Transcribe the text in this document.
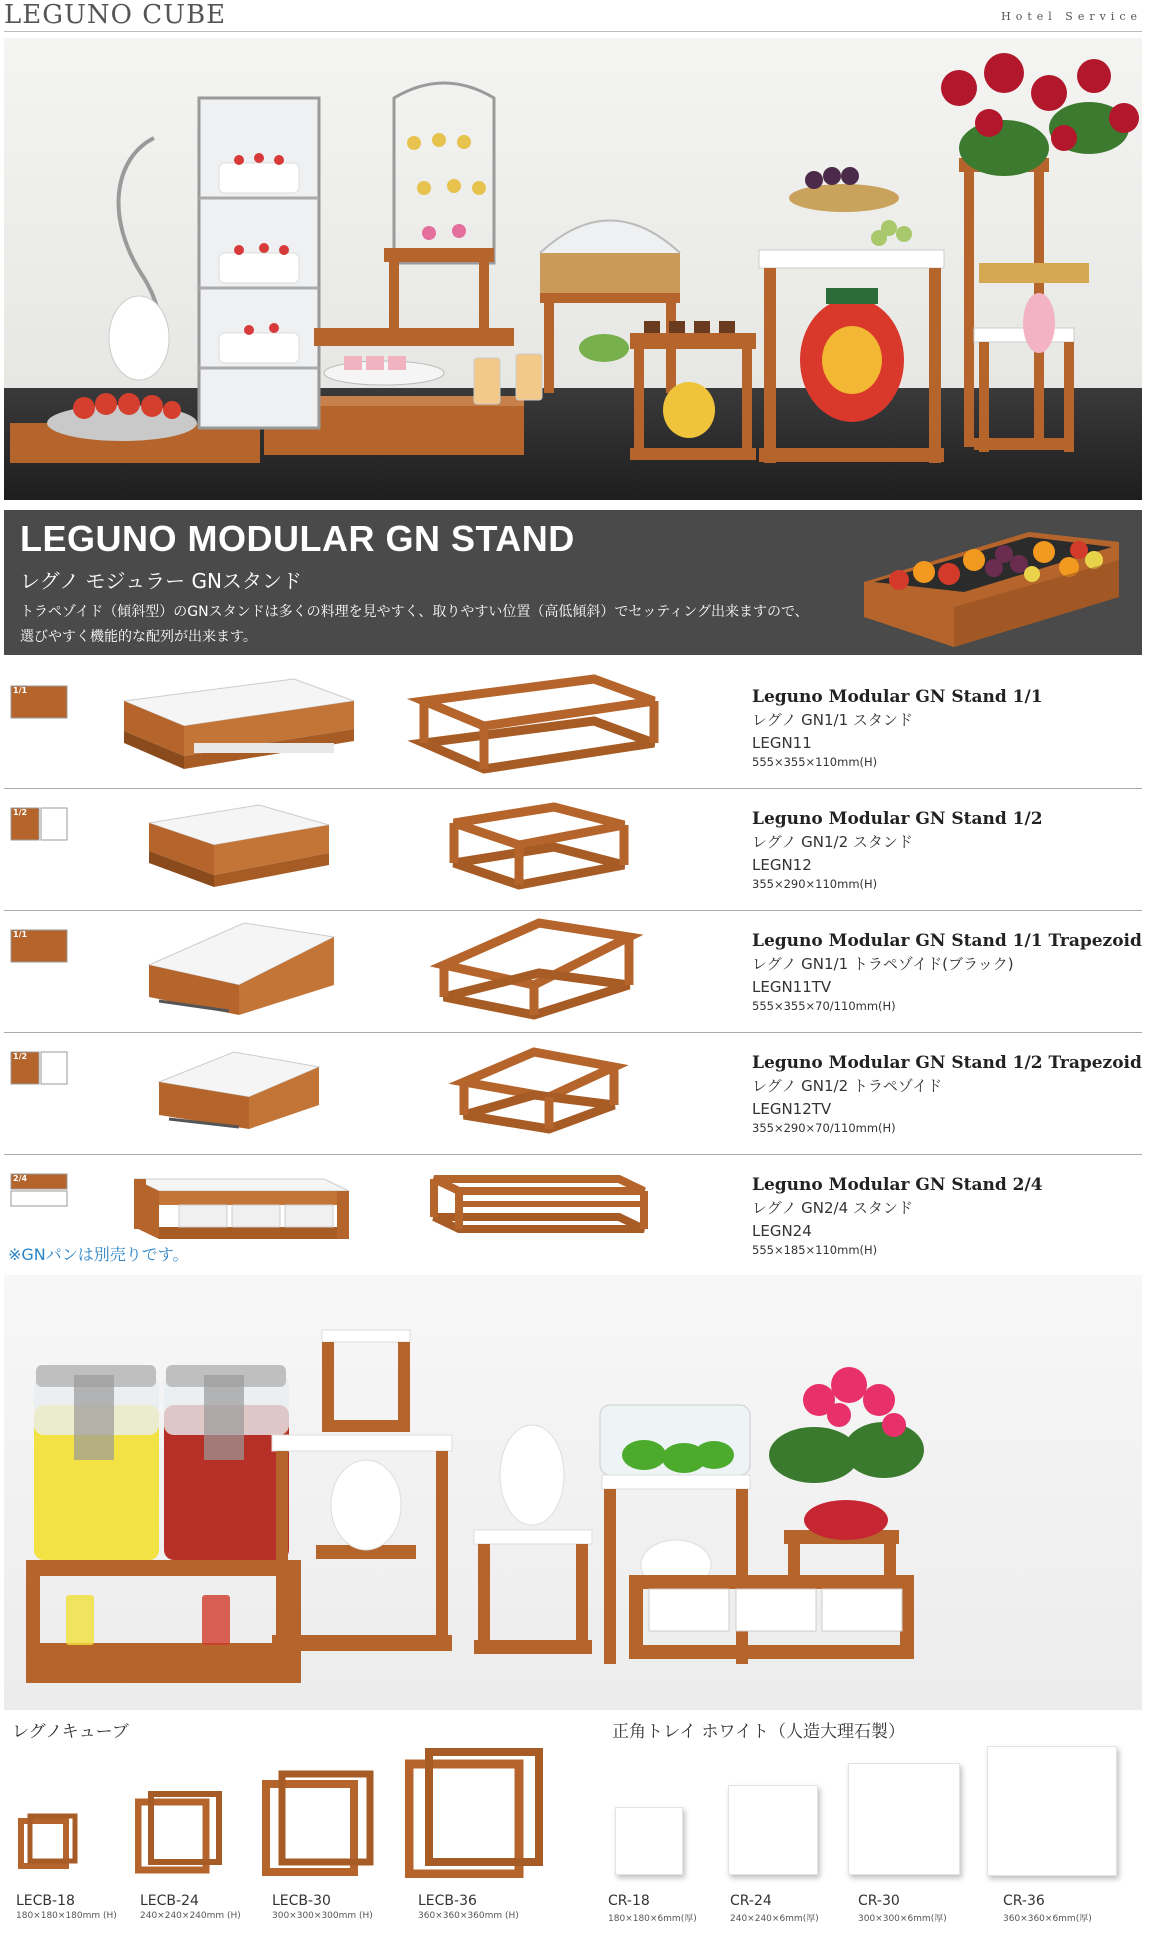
LEGUNO CUBE	Hotel Service
LEGUNO MODULAR GN STAND
レグノ モジュラー GNスタンド
トラペゾイド（傾斜型）のGNスタンドは多くの料理を見やすく、取りやすい位置（高低傾斜）でセッティング出来ますので、選びやすく機能的な配列が出来ます。
1/1	Leguno Modular GN Stand 1/1
レグノ GN1/1 スタンド
LEGN11
555×355×110mm(H)
1/2	Leguno Modular GN Stand 1/2
レグノ GN1/2 スタンド
LEGN12
355×290×110mm(H)
1/1	Leguno Modular GN Stand 1/1 Trapezoid
レグノ GN1/1 トラペゾイド(ブラック)
LEGN11TV
555×355×70/110mm(H)
1/2	Leguno Modular GN Stand 1/2 Trapezoid
レグノ GN1/2 トラペゾイド
LEGN12TV
355×290×70/110mm(H)
2/4	Leguno Modular GN Stand 2/4
レグノ GN2/4 スタンド
LEGN24
555×185×110mm(H)
※GNパンは別売りです。
レグノキューブ
LECB-18
180×180×180mm (H)
LECB-24
240×240×240mm (H)
LECB-30
300×300×300mm (H)
LECB-36
360×360×360mm (H)
正角トレイ ホワイト（人造大理石製）
CR-18
180×180×6mm(厚)
CR-24
240×240×6mm(厚)
CR-30
300×300×6mm(厚)
CR-36
360×360×6mm(厚)
